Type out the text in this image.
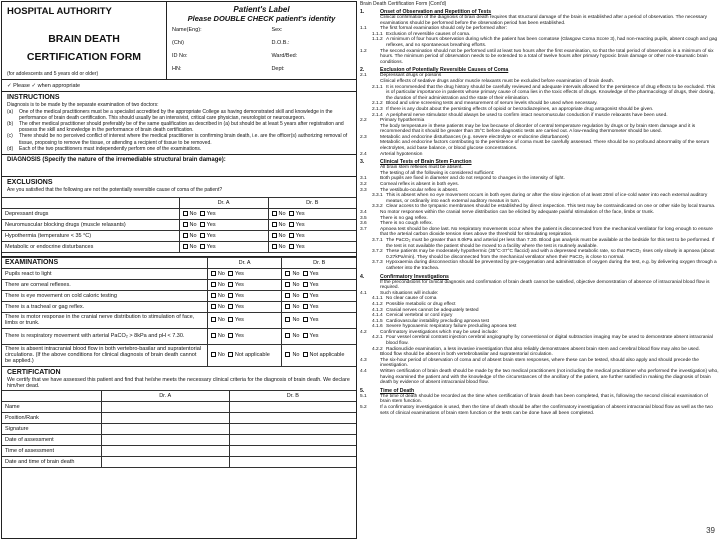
HOSPITAL AUTHORITY
BRAIN DEATH
CERTIFICATION FORM
(for adolescents and 5 years old or older)
Patient's Label
Please DOUBLE CHECK patient's identity
Name(Eng):	Sex:
(Chi)	D.O.B.:
ID No:	Ward/Bed:
HN:	Dept:
✓ Please ✓ when appropriate
INSTRUCTIONS
Diagnosis is to be made by the separate examination of two doctors:
(a)	One of the medical practitioners must be a specialist accredited by the appropriate College as having demonstrated skill and knowledge in the performance of brain death certification. This should usually be an intensivist, critical care physician, neurologist or neurosurgeon.
(b)	The other medical practitioner should preferably be of the same qualification as described in (a) but should be at least 5 years after registration and possess the skill and knowledge in the performance of brain death certification.
(c)	There should be no perceived conflict of interest where the medical practitioner is confirming brain death, i.e. are the officer(s) authorizing removal of tissue, proposing to remove the tissue, or attending a recipient of tissue to be removed.
(d)	Each of the two practitioners must independently perform one of the examinations.
DIAGNOSIS (Specify the nature of the irremediable structural brain damage):
EXCLUSIONS
Are you satisfied that the following are not the potentially reversible cause of coma of the patient?
	Dr. A	Dr. B
Depressant drugs	No Yes	No Yes
Neuromuscular blocking drugs (muscle relaxants)	No Yes	No Yes
Hypothermia (temperature < 35 °C)	No Yes	No Yes
Metabolic or endocrine disturbances	No Yes	No Yes
EXAMINATIONS	Dr. A	Dr. B
Pupils react to light	No Yes	No Yes
There are corneal reflexes.	No Yes	No Yes
There is eye movement on cold caloric testing	No Yes	No Yes
There is a tracheal or gag reflex.	No Yes	No Yes
There is motor response in the cranial nerve distribution to stimulation of face, limbs or trunk.	No Yes	No Yes
There is respiratory movement with arterial PaCO₂ > 8kPa and pH < 7.30.	No Yes	No Yes
There is absent intracranial blood flow in both vertebro-basilar and supratentorial circulations. (If the above conditions for clinical diagnosis of brain death cannot be applied.)	No Not applicable	No Not applicable
CERTIFICATION
We certify that we have assessed this patient and find that he/she meets the necessary clinical criteria for the diagnosis of brain death. We declare him/her dead.
	Dr. A	Dr. B
Name		
Position/Rank		
Signature		
Date of assessment		
Time of assessment		
Date and time of brain death		
Brain Death Certification Form (Cont'd)
1.	Onset of Observation and Repetition of Tests
Clinical confirmation of the diagnosis of brain death requires that structural damage of the brain is established after a period of observation. The necessary examinations should be performed before the observation period has been established.
1.1	The first formal examination should only be performed after:
1.1.1 Exclusion of reversible causes of coma.
1.1.2 A minimum of four hours observation during which the patient has been comatose (Glasgow Coma Score 3), had non-reacting pupils, absent cough and gag reflexes, and no spontaneous breathing efforts.
1.2	The second examination should not be performed until at least two hours after the first examination, so that the total period of observation is a minimum of six hours. The minimum period of observation needs to be extended to a total of twelve hours after primary hypoxic brain damage or other non-traumatic brain conditions.
2.	Exclusion of Potentially Reversible Causes of Coma
2.1	Depressant drugs or poisons
Clinical effects of sedative drugs and/or muscle relaxants must be excluded before examination of brain death.
2.1.1 It is recommended that the drug history should be carefully reviewed and adequate intervals allowed for the persistence of drug effects to be excluded. This is of particular importance in patients whose primary cause of coma lies in the toxic effects of drugs. Knowledge of the pharmacology of drugs, their dosing, the duration of their administration and the state of their elimination.
2.1.2 Blood and urine screening tests and measurement of serum levels should be used when necessary.
2.1.3 If there is any doubt about the persisting effects of opioid or benzodiazepines, an appropriate drug antagonist should be given.
2.1.4 A peripheral nerve stimulator should always be used to confirm intact neuromuscular conduction if muscle relaxants have been used.
2.2	Primary hypothermia
The body temperature in these patients may be low because of disorder of central temperature regulation by drugs or by brain stem damage and it is recommended that it should be greater than 35°C before diagnostic tests are carried out. A low-reading thermometer should be used.
2.3	Metabolic and endocrine disturbances (e.g. severe electrolyte or endocrine disturbances)
Metabolic and endocrine factors contributing to the persistence of coma must be carefully assessed. There should be no profound abnormality of the serum electrolytes, acid base balance, or blood glucose concentrations.
2.4	Arterial hypotension
3.	Clinical Tests of Brain Stem Function
All brain stem reflexes must be absent.
The testing of all the following is considered sufficient:
3.1	Both pupils are fixed in diameter and do not respond to changes in the intensity of light.
3.2	Corneal reflex is absent in both eyes.
3.3	The vestibulo-ocular reflex is absent.
3.3.1 This is absent when no eye movement occurs in both eyes during or after the slow injection of at least 20ml of ice-cold water into each external auditory meatus, or ordinarily into each external auditory meatus in turn.
3.3.2 Clear access to the tympanic membranes should be established by direct inspection. This test may be contraindicated on one or other side by local trauma.
3.4	No motor responses within the cranial nerve distribution can be elicited by adequate painful stimulation of the face, limbs or trunk.
3.5	There is no gag reflex.
3.6	There is no cough reflex.
3.7	Apnoea test should be done last. No respiratory movements occur when the patient is disconnected from the mechanical ventilator for long enough to ensure that the arterial carbon dioxide tension rises above the threshold for stimulating respiration.
3.7.1 The PaCO₂ must be greater than 8.0kPa and arterial pH less than 7.30. Blood gas analysis must be available at the bedside for this test to be performed. If the test is not available the patient should be moved to a facility where the test is routinely available.
3.7.2 These patients may be moderately hypothermic (35°C-37°C flaccid) and with a depressed metabolic rate, so that PaCO₂ rises only slowly in apnoea (about 0.27kPa/min). They should be disconnected from the mechanical ventilator when their PaCO₂ is close to normal.
3.7.3 Hypoxaemia during disconnection should be prevented by pre-oxygenation and administration of oxygen during the test, e.g. by delivering oxygen through a catheter into the trachea.
4.	Confirmatory Investigations
If the preconditions for clinical diagnosis and confirmation of brain death cannot be satisfied, objective demonstration of absence of intracranial blood flow is required.
4.1	Such situations will include:
4.1.1 No clear cause of coma
4.1.2 Possible metabolic or drug effect
4.1.3 Cranial nerves cannot be adequately tested
4.1.4 Cervical vertebral or cord injury
4.1.5 Cardiovascular instability precluding apnoea test
4.1.6 Severe hypoxaemic respiratory failure precluding apnoea test
4.2	Confirmatory investigations which may be used include:
4.2.1 Four vessel cerebral contrast injection cerebral angiography by conventional or digital subtraction imaging may be used to demonstrate absent intracranial blood flow.
4.2.2 Radionuclide examination, a less invasive investigation that also reliably demonstrates absent brain stem and cerebral blood flow may also be used.
Blood flow should be absent in both vertebrobasilar and supratentorial circulation.
4.3	The six-hour period of observation of coma and of absent brain stem responses, where these can be tested, should also apply and should precede the investigation.
4.4	Written certification of brain death should be made by the two medical practitioners (not including the medical practitioner who performed the investigation) who, having examined the patient and with the knowledge of the circumstances of the ancillary of the patient, are further satisfied in making the diagnosis of brain death by evidence of absent intracranial blood flow.
5.	Time of Death
5.1	The time of death should be recorded as the time when certification of brain death has been completed, that is, following the second clinical examination of brain stem function.
5.2	If a confirmatory investigation is used, then the time of death should be after the confirmatory investigation of absent intracranial blood flow as well as the two sets of clinical examinations of brain stem function or the tests can be done have all been completed.
39
